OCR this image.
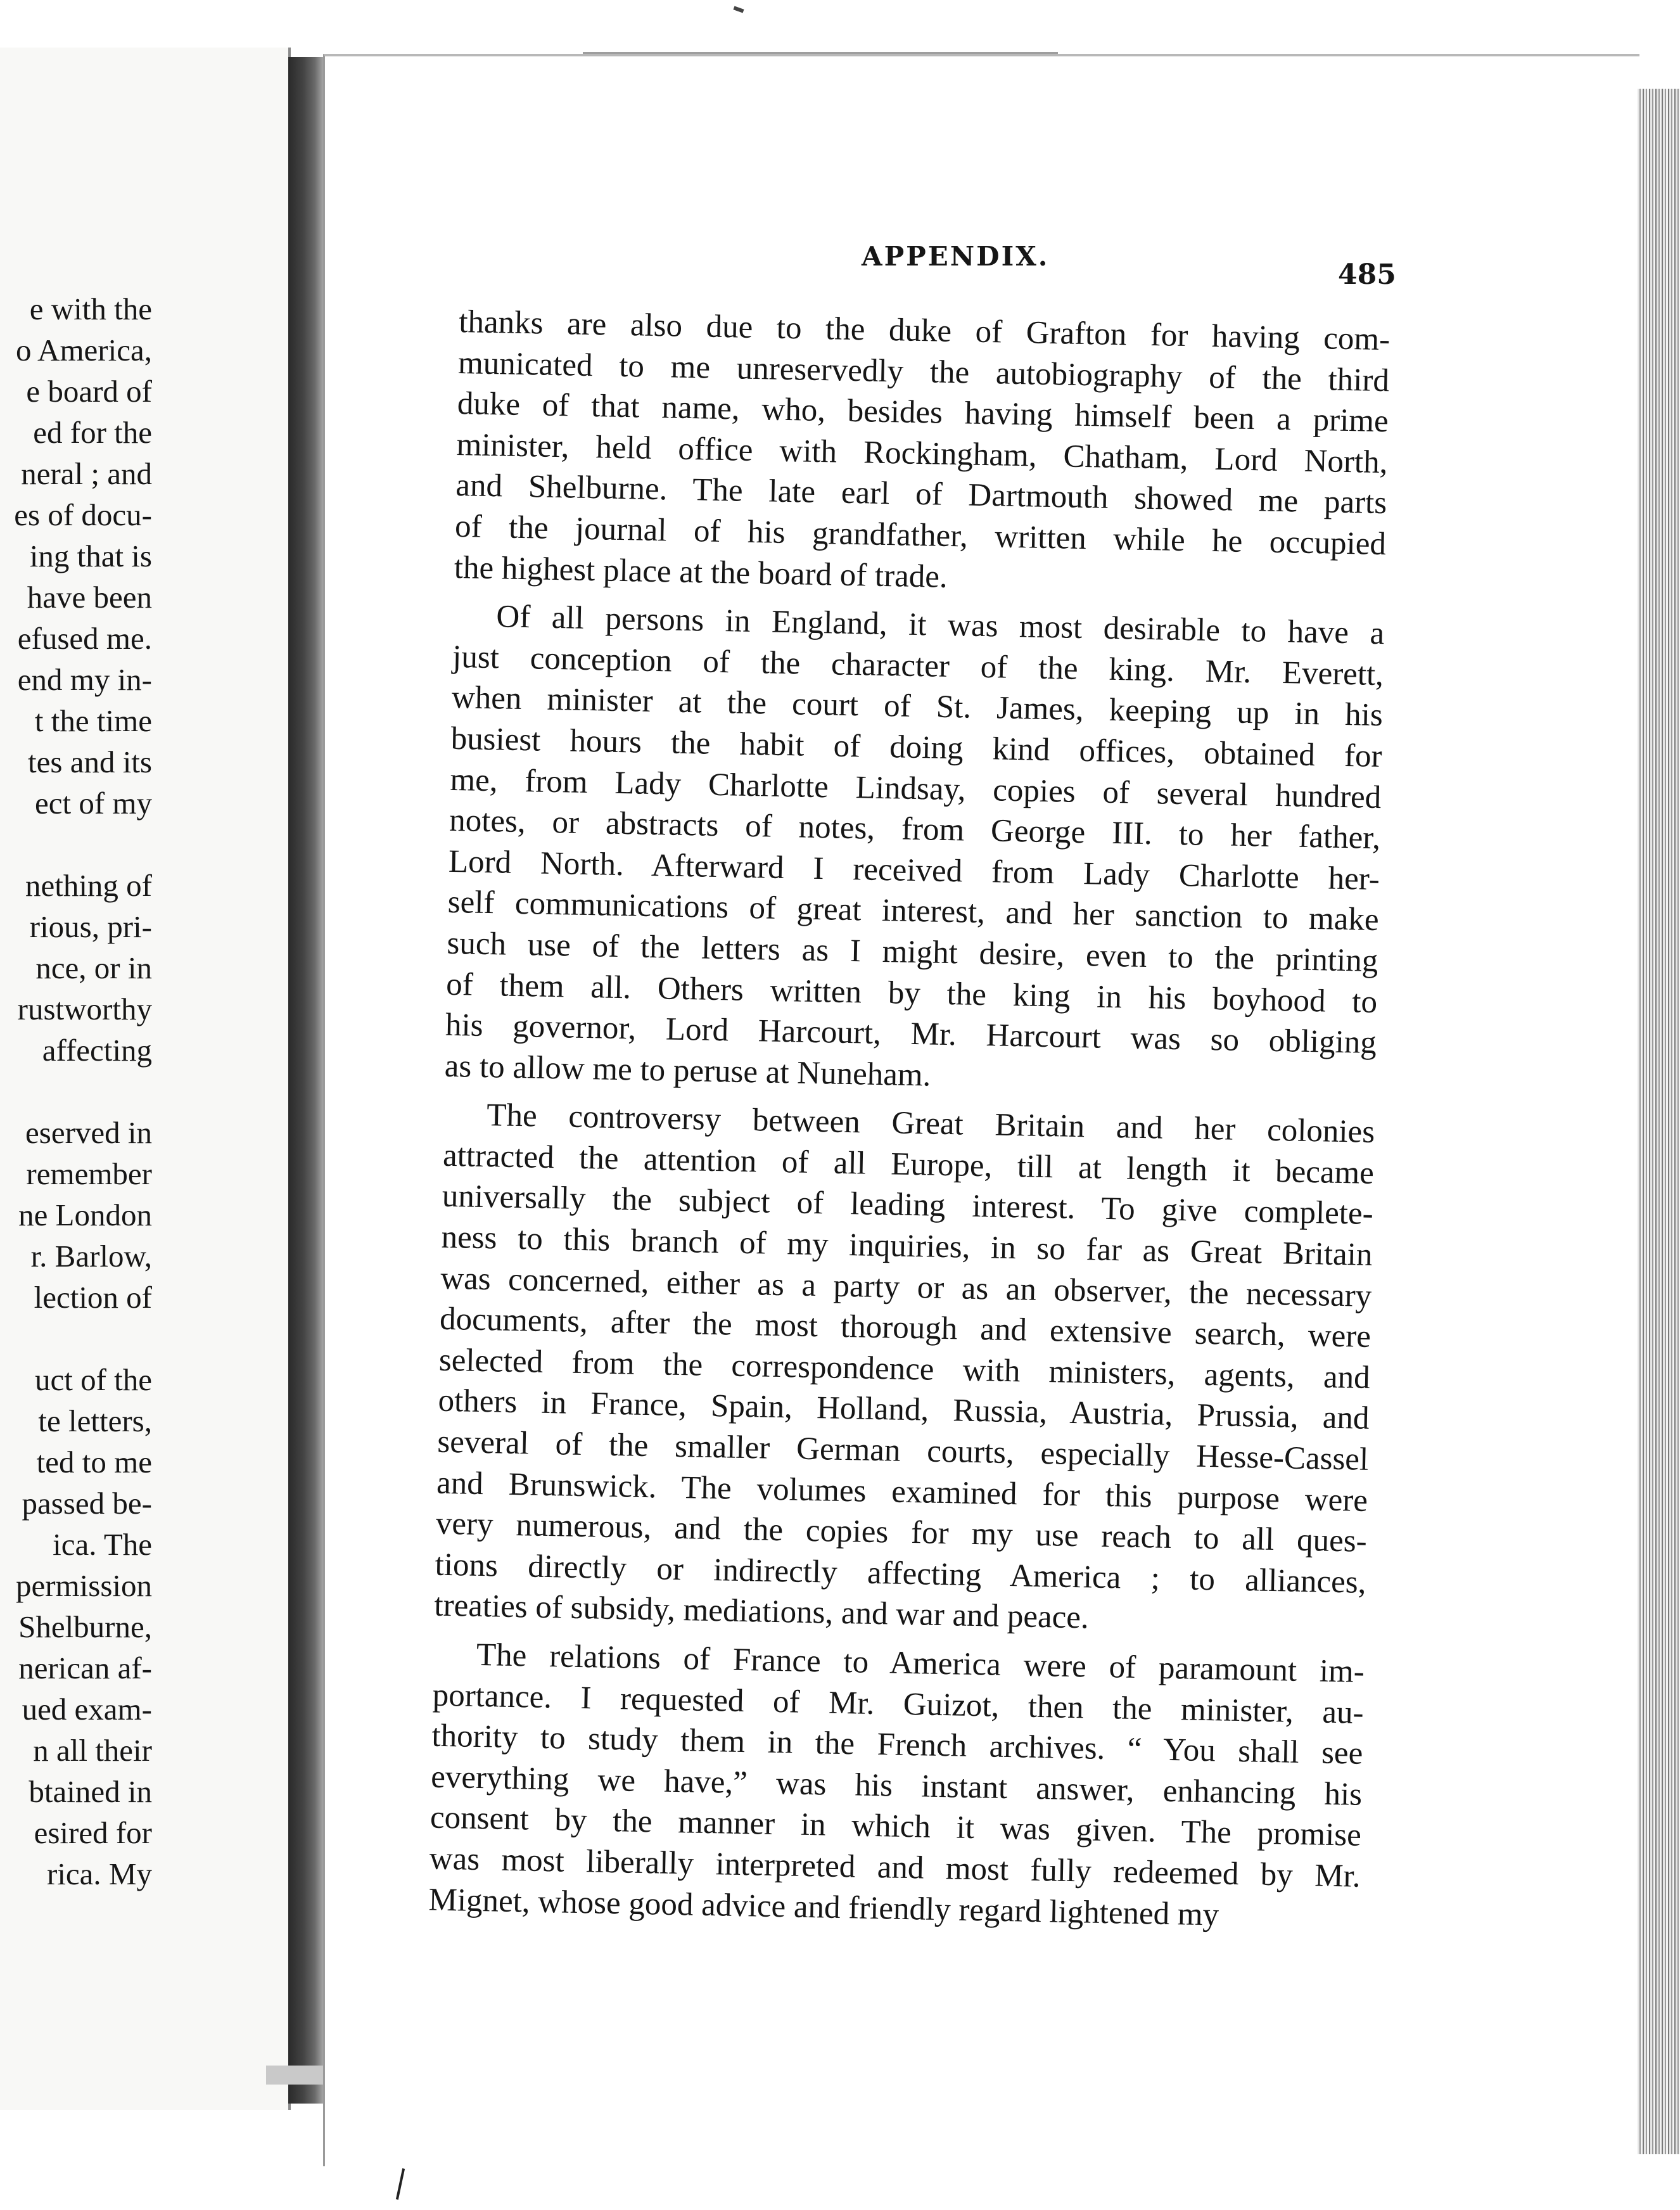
e with the
o America,
e board of
ed for the
neral ; and
es of docu-
ing that is
have been
efused me.
end my in-
t the time
tes and its
ect of my
nething of
rious, pri-
nce, or in
rustworthy
affecting
eserved in
remember
ne London
r. Barlow,
lection of
uct of the
te letters,
ted to me
passed be-
ica. The
permission
Shelburne,
nerican af-
ued exam-
n all their
btained in
esired for
rica. My
APPENDIX.
485
thanks are also due to the duke of Grafton for having com-
municated to me unreservedly the autobiography of the third
duke of that name, who, besides having himself been a prime
minister, held office with Rockingham, Chatham, Lord North,
and Shelburne. The late earl of Dartmouth showed me parts
of the journal of his grandfather, written while he occupied
the highest place at the board of trade.
Of all persons in England, it was most desirable to have a
just conception of the character of the king. Mr. Everett,
when minister at the court of St. James, keeping up in his
busiest hours the habit of doing kind offices, obtained for
me, from Lady Charlotte Lindsay, copies of several hundred
notes, or abstracts of notes, from George III. to her father,
Lord North. Afterward I received from Lady Charlotte her-
self communications of great interest, and her sanction to make
such use of the letters as I might desire, even to the printing
of them all. Others written by the king in his boyhood to
his governor, Lord Harcourt, Mr. Harcourt was so obliging
as to allow me to peruse at Nuneham.
The controversy between Great Britain and her colonies
attracted the attention of all Europe, till at length it became
universally the subject of leading interest. To give complete-
ness to this branch of my inquiries, in so far as Great Britain
was concerned, either as a party or as an observer, the necessary
documents, after the most thorough and extensive search, were
selected from the correspondence with ministers, agents, and
others in France, Spain, Holland, Russia, Austria, Prussia, and
several of the smaller German courts, especially Hesse-Cassel
and Brunswick. The volumes examined for this purpose were
very numerous, and the copies for my use reach to all ques-
tions directly or indirectly affecting America ; to alliances,
treaties of subsidy, mediations, and war and peace.
The relations of France to America were of paramount im-
portance. I requested of Mr. Guizot, then the minister, au-
thority to study them in the French archives. “ You shall see
everything we have,” was his instant answer, enhancing his
consent by the manner in which it was given. The promise
was most liberally interpreted and most fully redeemed by Mr.
Mignet, whose good advice and friendly regard lightened my
